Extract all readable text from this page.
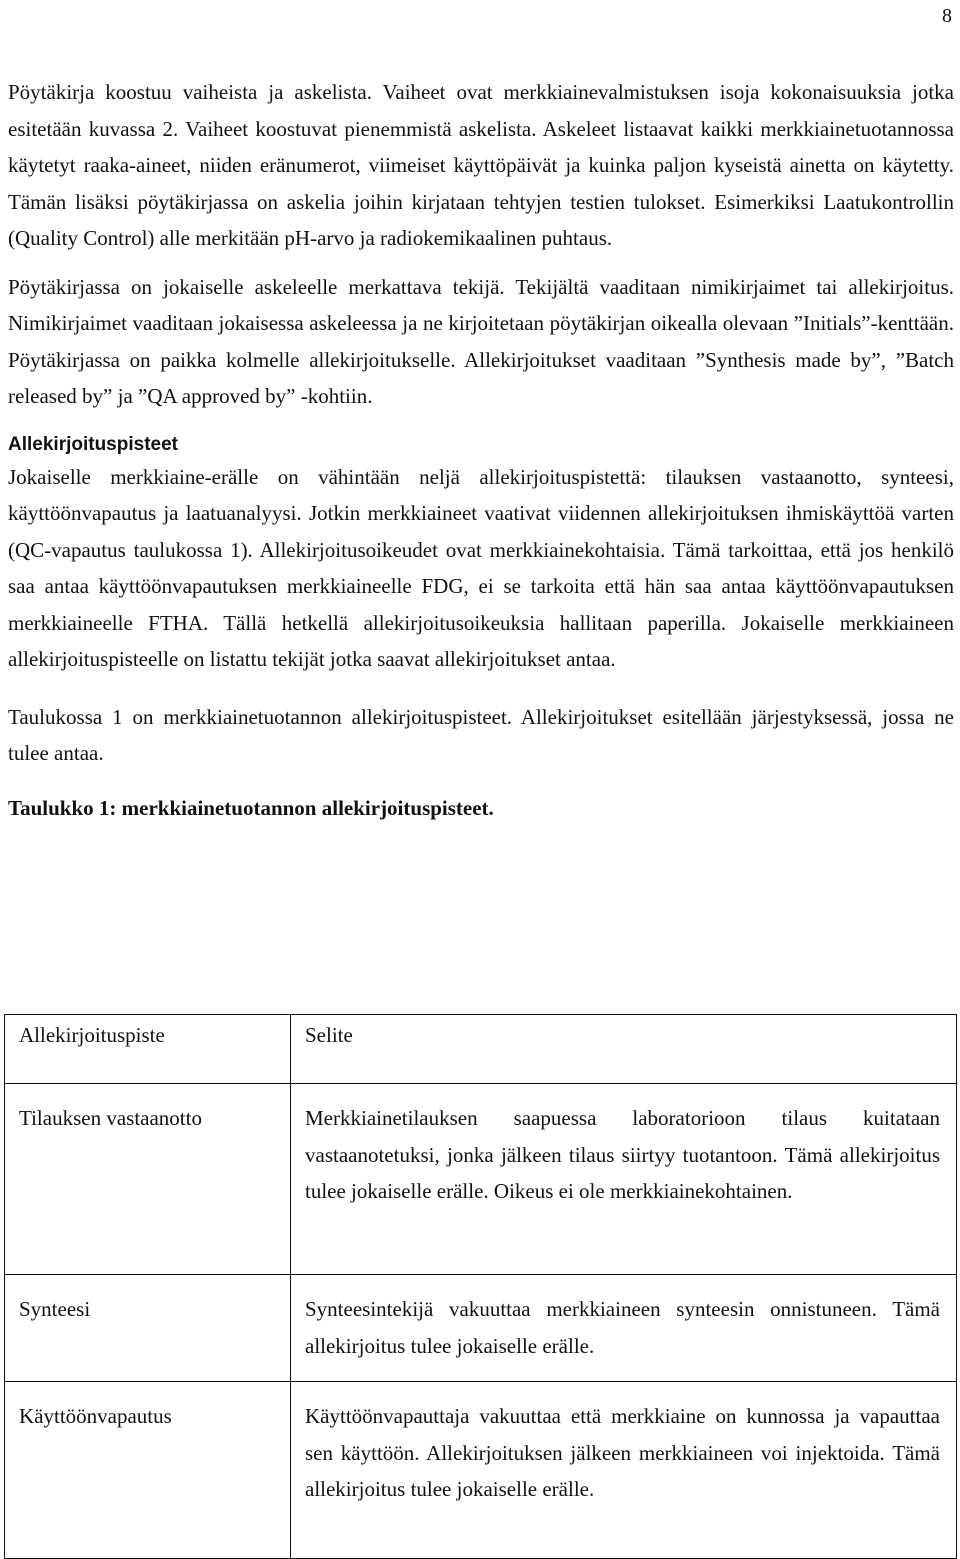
8

Pöytäkirja koostuu vaiheista ja askelista. Vaiheet ovat merkkiainevalmistuksen isoja kokonaisuuksia jotka esitetään kuvassa 2. Vaiheet koostuvat pienemmistä askelista. Askeleet listaavat kaikki merkkiainetuotannossa käytetyt raaka-aineet, niiden eränumerot, viimeiset käyttöpäivät ja kuinka paljon kyseistä ainetta on käytetty. Tämän lisäksi pöytäkirjassa on askelia joihin kirjataan tehtyjen testien tulokset. Esimerkiksi Laatukontrollin (Quality Control) alle merkitään pH-arvo ja radiokemikaalinen puhtaus.

Pöytäkirjassa on jokaiselle askeleelle merkattava tekijä. Tekijältä vaaditaan nimikirjaimet tai allekirjoitus. Nimikirjaimet vaaditaan jokaisessa askeleessa ja ne kirjoitetaan pöytäkirjan oikealla olevaan ”Initials”-kenttään. Pöytäkirjassa on paikka kolmelle allekirjoitukselle. Allekirjoitukset vaaditaan ”Synthesis made by”, ”Batch released by” ja ”QA approved by” -kohtiin.

Allekirjoituspisteet

Jokaiselle merkkiaine-erälle on vähintään neljä allekirjoituspistettä: tilauksen vastaanotto, synteesi, käyttöönvapautus ja laatuanalyysi. Jotkin merkkiaineet vaativat viidennen allekirjoituksen ihmiskäyttöä varten (QC-vapautus taulukossa 1). Allekirjoitusoikeudet ovat merkkiainekohtaisia. Tämä tarkoittaa, että jos henkilö saa antaa käyttöönvapautuksen merkkiaineelle FDG, ei se tarkoita että hän saa antaa käyttöönvapautuksen merkkiaineelle FTHA. Tällä hetkellä allekirjoitusoikeuksia hallitaan paperilla. Jokaiselle merkkiaineen allekirjoituspisteelle on listattu tekijät jotka saavat allekirjoitukset antaa.

Taulukossa 1 on merkkiainetuotannon allekirjoituspisteet. Allekirjoitukset esitellään järjestyksessä, jossa ne tulee antaa.

Taulukko 1: merkkiainetuotannon allekirjoituspisteet.

Allekirjoituspiste	Selite
Tilauksen vastaanotto	Merkkiainetilauksen saapuessa laboratorioon tilaus kuitataan vastaanotetuksi, jonka jälkeen tilaus siirtyy tuotantoon. Tämä allekirjoitus tulee jokaiselle erälle. Oikeus ei ole merkkiainekohtainen.
Synteesi	Synteesintekijä vakuuttaa merkkiaineen synteesin onnistuneen. Tämä allekirjoitus tulee jokaiselle erälle.
Käyttöönvapautus	Käyttöönvapauttaja vakuuttaa että merkkiaine on kunnossa ja vapauttaa sen käyttöön. Allekirjoituksen jälkeen merkkiaineen voi injektoida. Tämä allekirjoitus tulee jokaiselle erälle.
